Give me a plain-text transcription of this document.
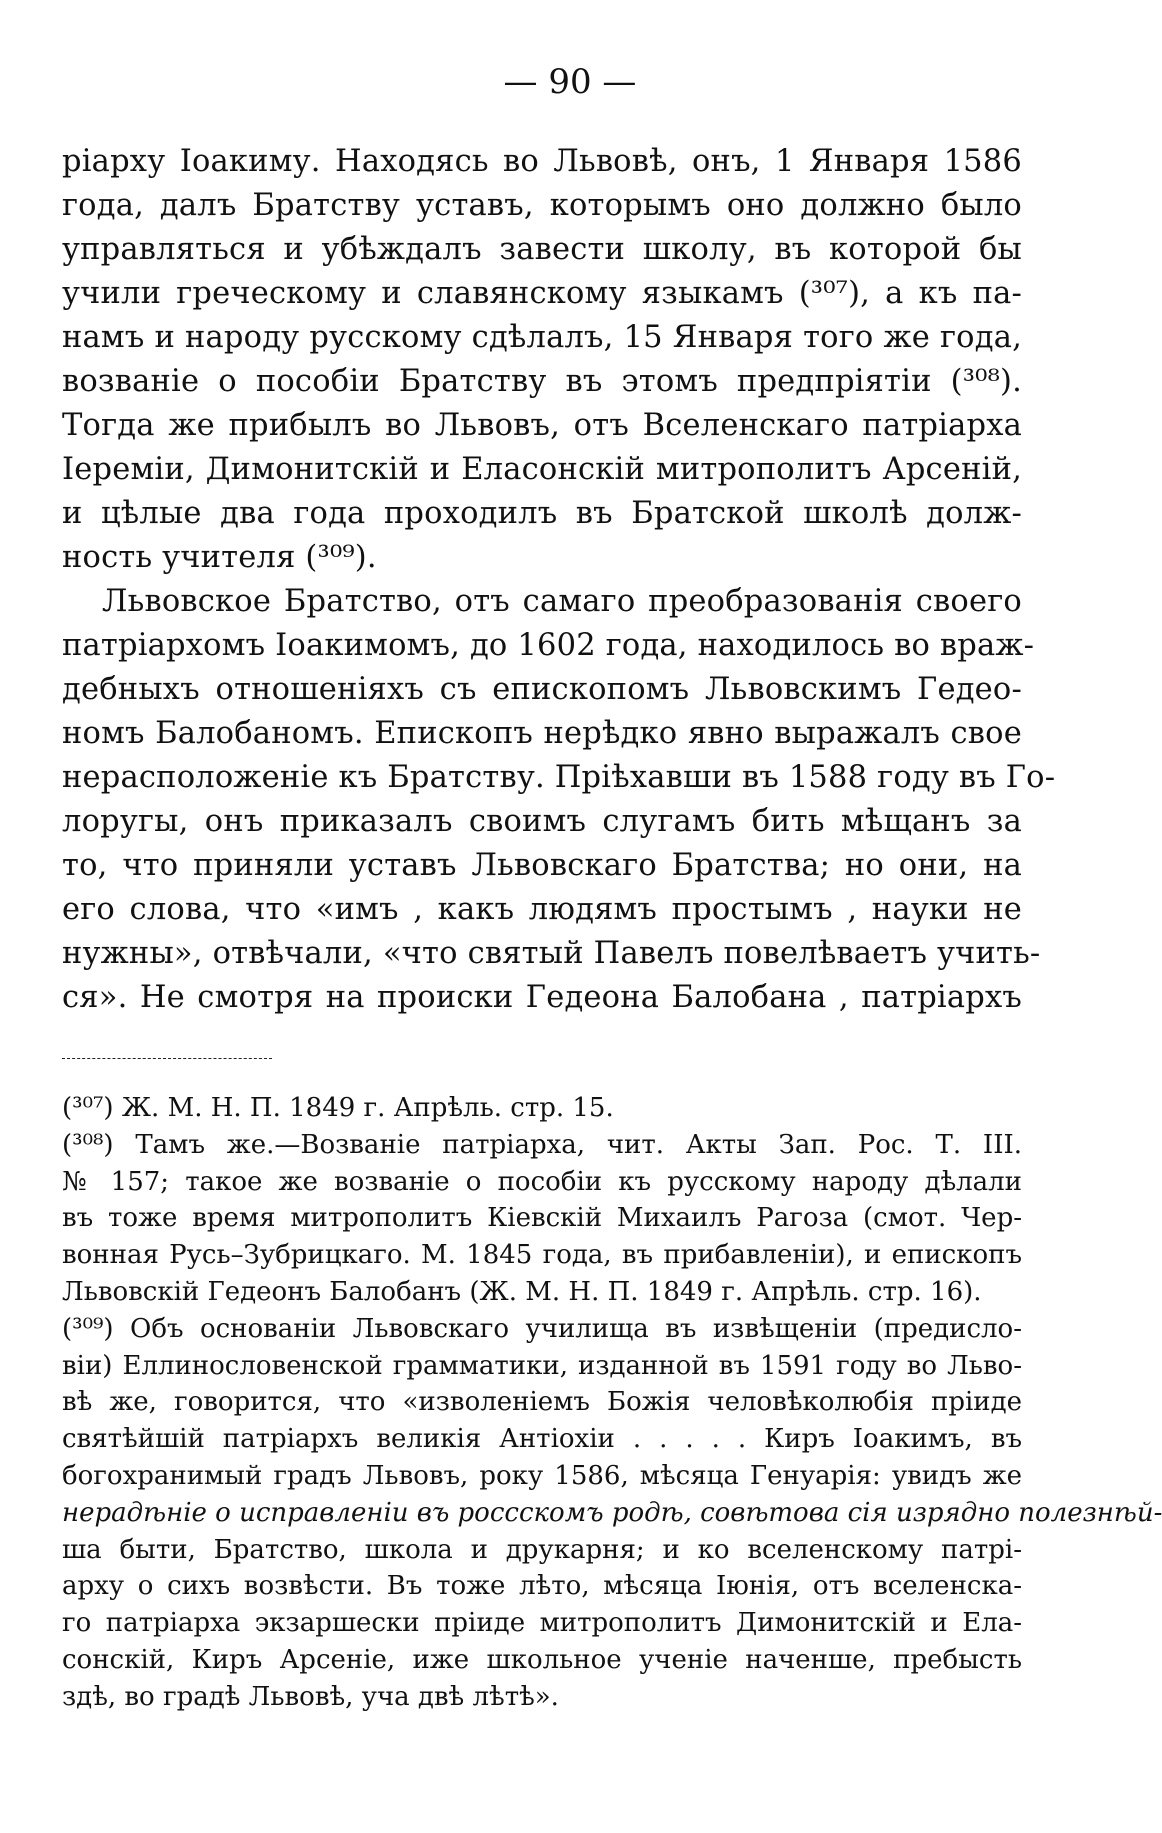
— 90 —
ріарху Іоакиму. Находясь во Львовѣ, онъ, 1 Января 1586
года, далъ Братству уставъ, которымъ оно должно было
управляться и убѣждалъ завести школу, въ которой бы
учили греческому и славянскому языкамъ (³⁰⁷), а къ па-
намъ и народу русскому сдѣлалъ, 15 Января того же года,
возваніе о пособіи Братству въ этомъ предпріятіи (³⁰⁸).
Тогда же прибылъ во Львовъ, отъ Вселенскаго патріарха
Іереміи, Димонитскій и Еласонскій митрополитъ Арсеній,
и цѣлые два года проходилъ въ Братской школѣ долж-
ность учителя (³⁰⁹).
Львовское Братство, отъ самаго преобразованія своего
патріархомъ Іоакимомъ, до 1602 года, находилось во враж-
дебныхъ отношеніяхъ съ епископомъ Львовскимъ Гедео-
номъ Балобаномъ. Епископъ нерѣдко явно выражалъ свое
нерасположеніе къ Братству. Пріѣхавши въ 1588 году въ Го-
лоругы, онъ приказалъ своимъ слугамъ бить мѣщанъ за
то, что приняли уставъ Львовскаго Братства; но они, на
его слова, что «имъ , какъ людямъ простымъ , науки не
нужны», отвѣчали, «что святый Павелъ повелѣваетъ учить-
ся». Не смотря на происки Гедеона Балобана , патріархъ
(³⁰⁷) Ж. М. Н. П. 1849 г. Апрѣль. стр. 15.
(³⁰⁸) Тамъ же.—Возваніе патріарха, чит. Акты Зап. Рос. Т. III.
№ 157; такое же возваніе о пособіи къ русскому народу дѣлали
въ тоже время митрополитъ Кіевскій Михаилъ Рагоза (смот. Чер-
вонная Русь–Зубрицкаго. М. 1845 года, въ прибавленіи), и епископъ
Львовскій Гедеонъ Балобанъ (Ж. М. Н. П. 1849 г. Апрѣль. стр. 16).
(³⁰⁹) Объ основаніи Львовскаго училища въ извѣщеніи (предисло-
віи) Еллинословенской грамматики, изданной въ 1591 году во Льво-
вѣ же, говорится, что «изволеніемъ Божія человѣколюбія пріиде
святѣйшій патріархъ великія Антіохіи . . . . . Киръ Іоакимъ, въ
богохранимый градъ Львовъ, року 1586, мѣсяца Генуарія: увидъ же
нерадѣніе о исправленіи въ россскомъ родѣ, совѣтова сія изрядно полезнѣй-
ша быти, Братство, школа и друкарня; и ко вселенскому патрі-
арху о сихъ возвѣсти. Въ тоже лѣто, мѣсяца Іюнія, отъ вселенска-
го патріарха экзаршески пріиде митрополитъ Димонитскій и Ела-
сонскій, Киръ Арсеніе, иже школьное ученіе наченше, пребысть
здѣ, во градѣ Львовѣ, уча двѣ лѣтѣ».
